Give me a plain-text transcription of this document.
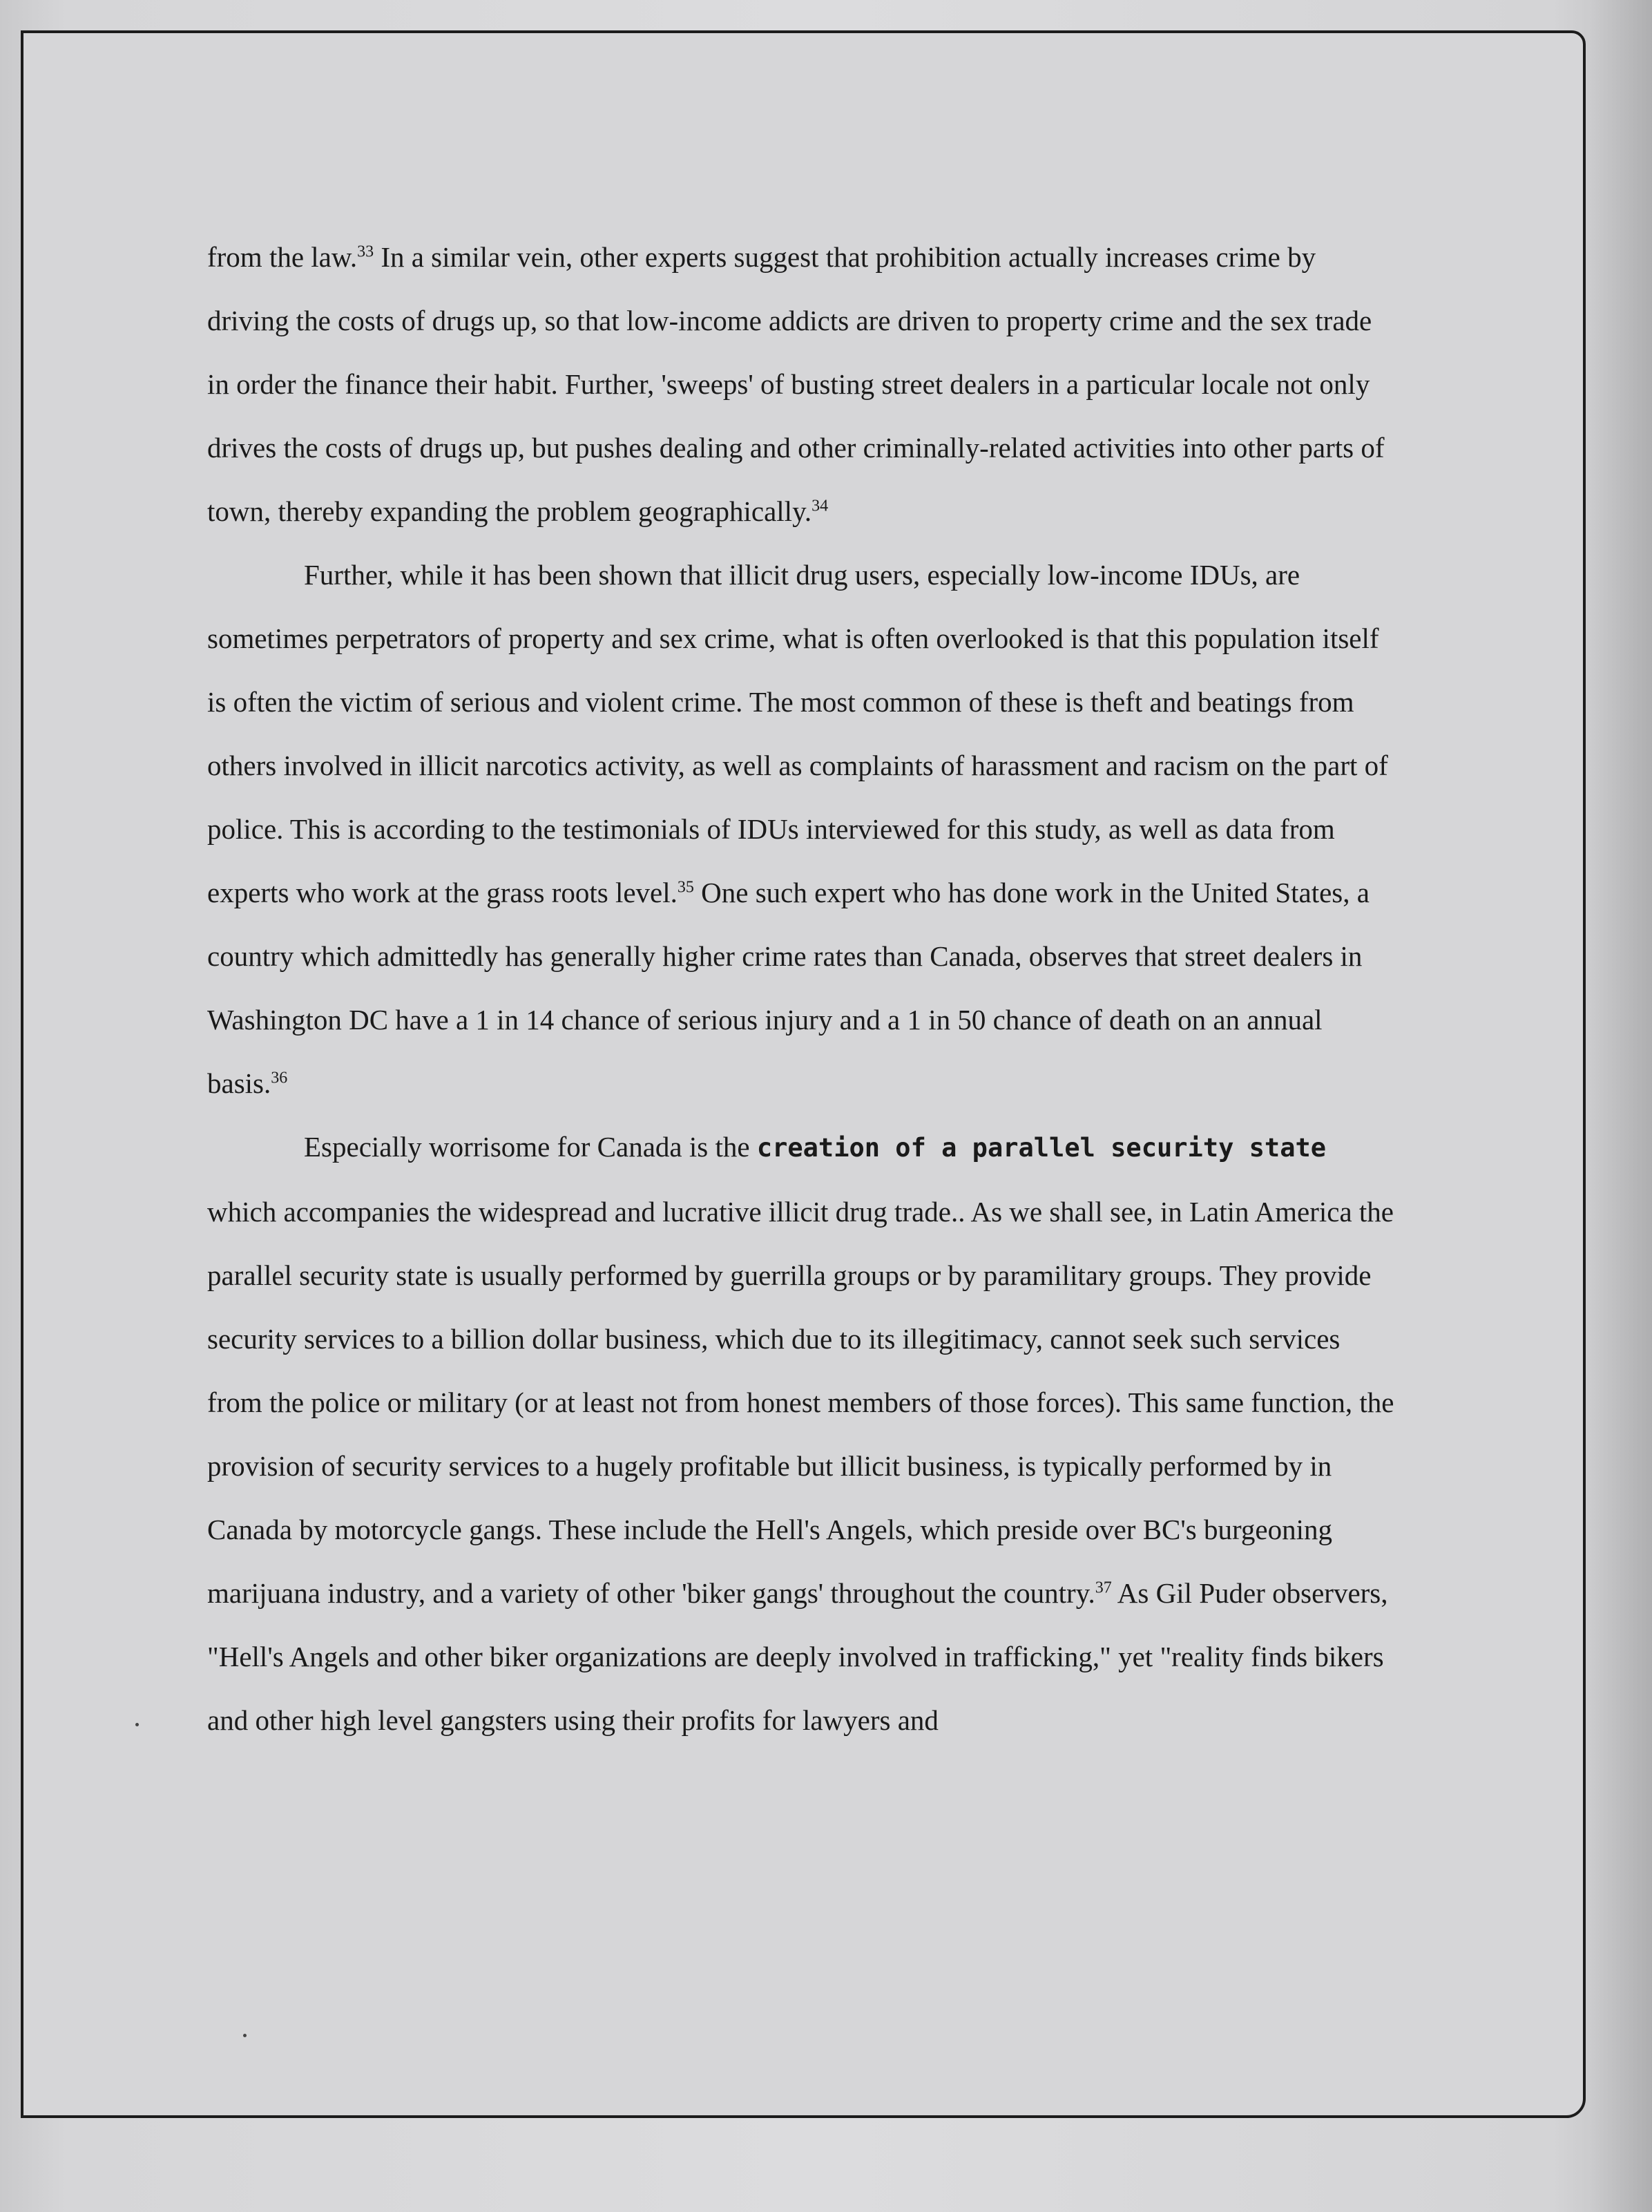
from the law.$^{33}$ In a similar vein, other experts suggest that prohibition actually increases crime by driving the costs of drugs up, so that low-income addicts are driven to property crime and the sex trade in order the finance their habit. Further, 'sweeps' of busting street dealers in a particular locale not only drives the costs of drugs up, but pushes dealing and other criminally-related activities into other parts of town, thereby expanding the problem geographically.$^{34}$

Further, while it has been shown that illicit drug users, especially low-income IDUs, are sometimes perpetrators of property and sex crime, what is often overlooked is that this population itself is often the victim of serious and violent crime. The most common of these is theft and beatings from others involved in illicit narcotics activity, as well as complaints of harassment and racism on the part of police. This is according to the testimonials of IDUs interviewed for this study, as well as data from experts who work at the grass roots level.$^{35}$ One such expert who has done work in the United States, a country which admittedly has generally higher crime rates than Canada, observes that street dealers in Washington DC have a 1 in 14 chance of serious injury and a 1 in 50 chance of death on an annual basis.$^{36}$

Especially worrisome for Canada is the creation of a parallel security state which accompanies the widespread and lucrative illicit drug trade.. As we shall see, in Latin America the parallel security state is usually performed by guerrilla groups or by paramilitary groups. They provide security services to a billion dollar business, which due to its illegitimacy, cannot seek such services from the police or military (or at least not from honest members of those forces). This same function, the provision of security services to a hugely profitable but illicit business, is typically performed by in Canada by motorcycle gangs. These include the Hell's Angels, which preside over BC's burgeoning marijuana industry, and a variety of other 'biker gangs' throughout the country.$^{37}$ As Gil Puder observers, "Hell's Angels and other biker organizations are deeply involved in trafficking," yet "reality finds bikers and other high level gangsters using their profits for lawyers and
